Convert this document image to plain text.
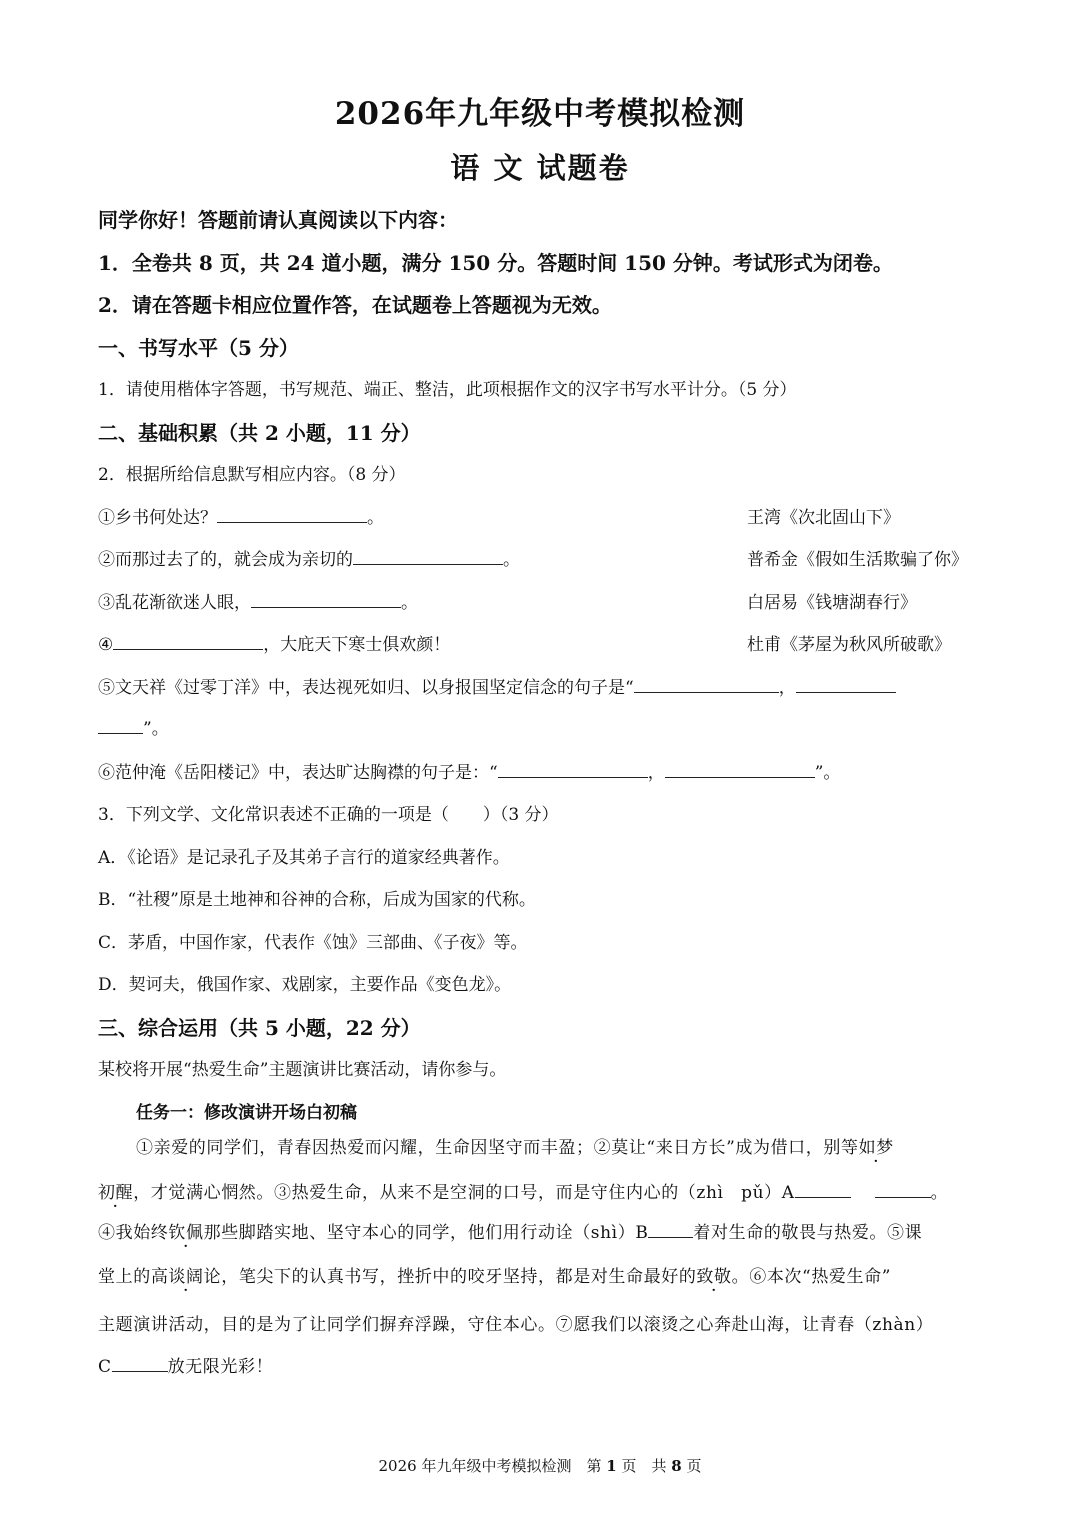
2026年九年级中考模拟检测
语 文 试题卷
同学你好！答题前请认真阅读以下内容：
1．全卷共 8 页，共 24 道小题，满分 150 分。答题时间 150 分钟。考试形式为闭卷。
2．请在答题卡相应位置作答，在试题卷上答题视为无效。
一、书写水平（5 分）
1．请使用楷体字答题，书写规范、端正、整洁，此项根据作文的汉字书写水平计分。（5 分）
二、基础积累（共 2 小题，11 分）
2．根据所给信息默写相应内容。（8 分）
①乡书何处达？	。	王湾《次北固山下》
②而那过去了的，就会成为亲切的	。	普希金《假如生活欺骗了你》
③乱花渐欲迷人眼，	。	白居易《钱塘湖春行》
④	，大庇天下寒士俱欢颜！	杜甫《茅屋为秋风所破歌》
⑤文天祥《过零丁洋》中，表达视死如归、以身报国坚定信念的句子是“	，
”。
⑥范仲淹《岳阳楼记》中，表达旷达胸襟的句子是：“	，	”。
3．下列文学、文化常识表述不正确的一项是（　　）（3 分）
A．《论语》是记录孔子及其弟子言行的道家经典著作。
B．“社稷”原是土地神和谷神的合称，后成为国家的代称。
C．茅盾，中国作家，代表作《蚀》三部曲、《子夜》等。
D．契诃夫，俄国作家、戏剧家，主要作品《变色龙》。
三、综合运用（共 5 小题，22 分）
某校将开展“热爱生命”主题演讲比赛活动，请你参与。
任务一：修改演讲开场白初稿
①亲爱的同学们，青春因热爱而闪耀，生命因坚守而丰盈；②莫让“来日方长”成为借口，别等如梦
初醒，才觉满心惘然。③热爱生命，从来不是空洞的口号，而是守住内心的（zhì　pǔ）A	。
④我始终钦佩那些脚踏实地、坚守本心的同学，他们用行动诠（shì）B	着对生命的敬畏与热爱。⑤课
堂上的高谈阔论，笔尖下的认真书写，挫折中的咬牙坚持，都是对生命最好的致敬。⑥本次“热爱生命”
主题演讲活动，目的是为了让同学们摒弃浮躁，守住本心。⑦愿我们以滚烫之心奔赴山海，让青春（zhàn）
C	放无限光彩！
2026 年九年级中考模拟检测　第 1 页　共 8 页
